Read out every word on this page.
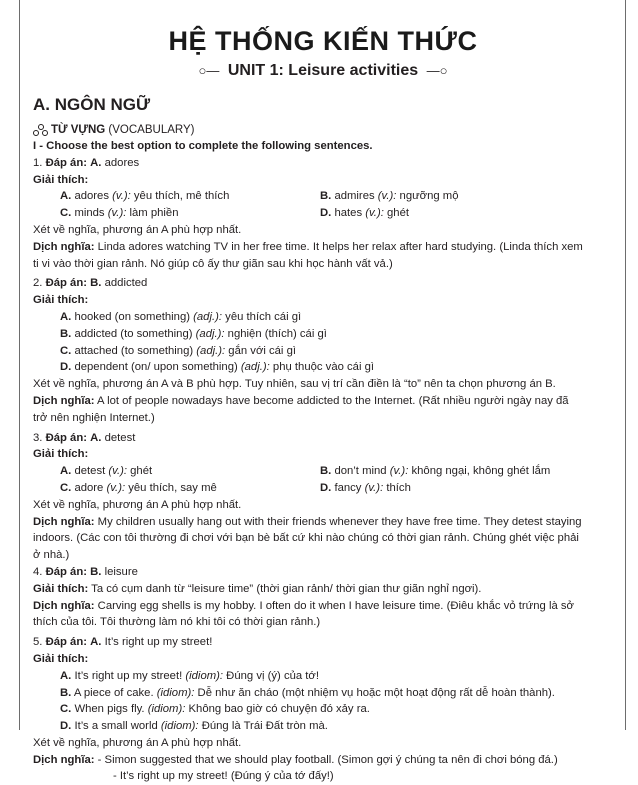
HỆ THỐNG KIẾN THỨC
○— UNIT 1: Leisure activities —○
A. NGÔN NGỮ
TỪ VỰNG (VOCABULARY)
I - Choose the best option to complete the following sentences.
1. Đáp án: A. adores
Giải thích:
A. adores (v.): yêu thích, mê thích	B. admires (v.): ngưỡng mộ
C. minds (v.): làm phiền	D. hates (v.): ghét
Xét về nghĩa, phương án A phù hợp nhất.
Dịch nghĩa: Linda adores watching TV in her free time. It helps her relax after hard studying. (Linda thích xem
ti vi vào thời gian rảnh. Nó giúp cô ấy thư giãn sau khi học hành vất vả.)
2. Đáp án: B. addicted
Giải thích:
A. hooked (on something) (adj.): yêu thích cái gì
B. addicted (to something) (adj.): nghiện (thích) cái gì
C. attached (to something) (adj.): gắn với cái gì
D. dependent (on/ upon something) (adj.): phụ thuộc vào cái gì
Xét về nghĩa, phương án A và B phù hợp. Tuy nhiên, sau vị trí cần điền là “to” nên ta chọn phương án B.
Dịch nghĩa: A lot of people nowadays have become addicted to the Internet. (Rất nhiều người ngày nay đã
trở nên nghiện Internet.)
3. Đáp án: A. detest
Giải thích:
A. detest (v.): ghét	B. don’t mind (v.): không ngại, không ghét lắm
C. adore (v.): yêu thích, say mê	D. fancy (v.): thích
Xét về nghĩa, phương án A phù hợp nhất.
Dịch nghĩa: My children usually hang out with their friends whenever they have free time. They detest staying
indoors. (Các con tôi thường đi chơi với bạn bè bất cứ khi nào chúng có thời gian rảnh. Chúng ghét việc phải
ở nhà.)
4. Đáp án: B. leisure
Giải thích: Ta có cụm danh từ “leisure time” (thời gian rảnh/ thời gian thư giãn nghỉ ngơi).
Dịch nghĩa: Carving egg shells is my hobby. I often do it when I have leisure time. (Điêu khắc vỏ trứng là sở
thích của tôi. Tôi thường làm nó khi tôi có thời gian rảnh.)
5. Đáp án: A. It’s right up my street!
Giải thích:
A. It’s right up my street! (idiom): Đúng vị (ý) của tớ!
B. A piece of cake. (idiom): Dễ như ăn cháo (một nhiệm vụ hoặc một hoạt động rất dễ hoàn thành).
C. When pigs fly. (idiom): Không bao giờ có chuyện đó xảy ra.
D. It’s a small world (idiom): Đúng là Trái Đất tròn mà.
Xét về nghĩa, phương án A phù hợp nhất.
Dịch nghĩa: - Simon suggested that we should play football. (Simon gợi ý chúng ta nên đi chơi bóng đá.)
- It’s right up my street! (Đúng ý của tớ đấy!)
